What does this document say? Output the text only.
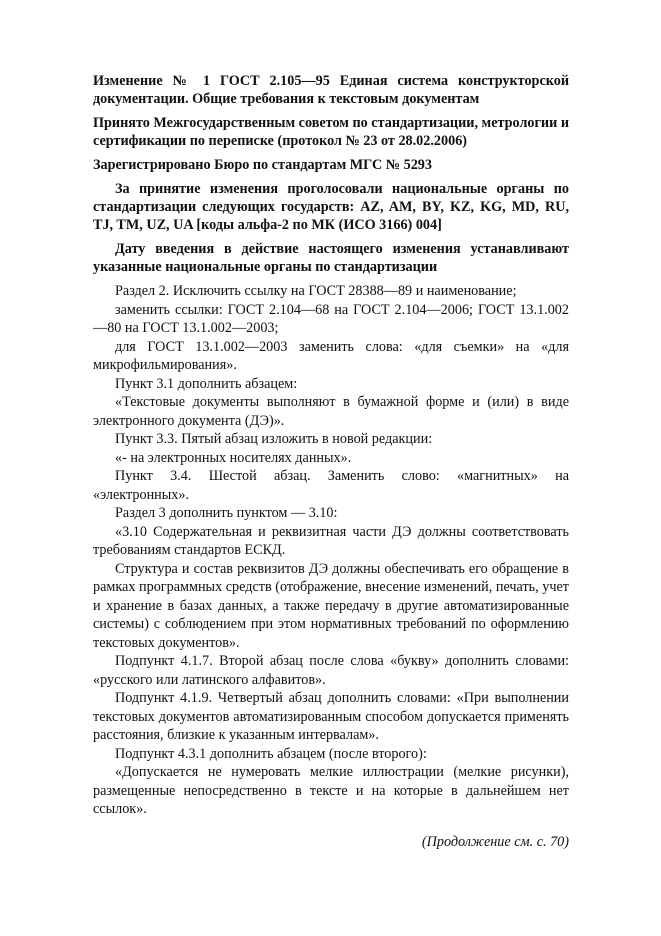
Изменение № 1 ГОСТ 2.105—95 Единая система конструкторской документации. Общие требования к текстовым документам

Принято Межгосударственным советом по стандартизации, метрологии и сертификации по переписке (протокол № 23 от 28.02.2006)

Зарегистрировано Бюро по стандартам МГС № 5293

За принятие изменения проголосовали национальные органы по стандартизации следующих государств: AZ, AM, BY, KZ, KG, MD, RU, TJ, TM, UZ, UA [коды альфа-2 по МК (ИСО 3166) 004]

Дату введения в действие настоящего изменения устанавливают указанные национальные органы по стандартизации

Раздел 2. Исключить ссылку на ГОСТ 28388—89 и наименование;

заменить ссылки: ГОСТ 2.104—68 на ГОСТ 2.104—2006; ГОСТ 13.1.002—80 на ГОСТ 13.1.002—2003;

для ГОСТ 13.1.002—2003 заменить слова: «для съемки» на «для микрофильмирования».

Пункт 3.1 дополнить абзацем:

«Текстовые документы выполняют в бумажной форме и (или) в виде электронного документа (ДЭ)».

Пункт 3.3. Пятый абзац изложить в новой редакции:

«- на электронных носителях данных».

Пункт 3.4. Шестой абзац. Заменить слово: «магнитных» на «электронных».

Раздел 3 дополнить пунктом — 3.10:

«3.10 Содержательная и реквизитная части ДЭ должны соответствовать требованиям стандартов ЕСКД.

Структура и состав реквизитов ДЭ должны обеспечивать его обращение в рамках программных средств (отображение, внесение изменений, печать, учет и хранение в базах данных, а также передачу в другие автоматизированные системы) с соблюдением при этом нормативных требований по оформлению текстовых документов».

Подпункт 4.1.7. Второй абзац после слова «букву» дополнить словами: «русского или латинского алфавитов».

Подпункт 4.1.9. Четвертый абзац дополнить словами: «При выполнении текстовых документов автоматизированным способом допускается применять расстояния, близкие к указанным интервалам».

Подпункт 4.3.1 дополнить абзацем (после второго):

«Допускается не нумеровать мелкие иллюстрации (мелкие рисунки), размещенные непосредственно в тексте и на которые в дальнейшем нет ссылок».

(Продолжение см. с. 70)
